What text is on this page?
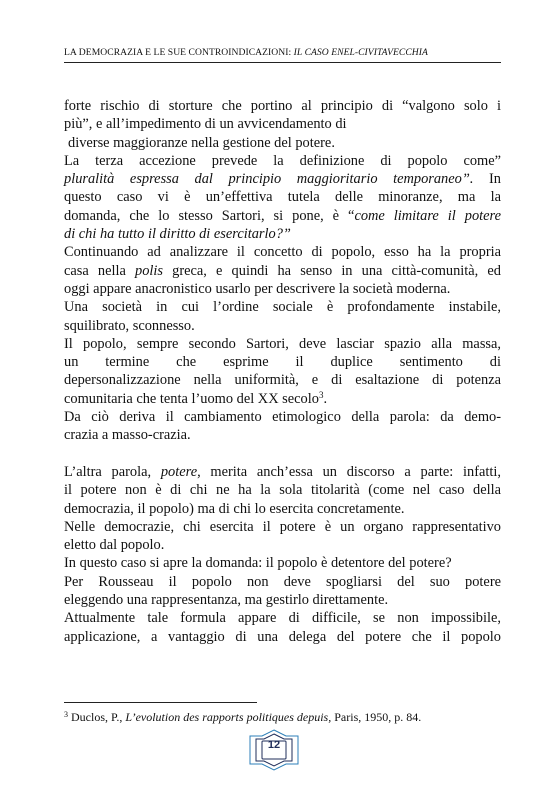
LA DEMOCRAZIA E LE SUE CONTROINDICAZIONI: IL CASO ENEL-CIVITAVECCHIA

forte rischio di storture che portino al principio di “valgono solo i

più”, e all’impedimento di un avvicendamento di

diverse maggioranze nella gestione del potere.

La terza accezione prevede la definizione di popolo come”

pluralità espressa dal principio maggioritario temporaneo”. In

questo caso vi è un’effettiva tutela delle minoranze, ma la

domanda, che lo stesso Sartori, si pone, è “come limitare il potere

di chi ha tutto il diritto di esercitarlo?”

Continuando ad analizzare il concetto di popolo, esso ha la propria

casa nella polis greca, e quindi ha senso in una città-comunità, ed

oggi appare anacronistico usarlo per descrivere la società moderna.

Una società in cui l’ordine sociale è profondamente instabile,

squilibrato, sconnesso.

Il popolo, sempre secondo Sartori, deve lasciar spazio alla massa,

un termine che esprime il duplice sentimento di

depersonalizzazione nella uniformità, e di esaltazione di potenza

comunitaria che tenta l’uomo del XX secolo$^3$.

Da ciò deriva il cambiamento etimologico della parola: da demo-

crazia a masso-crazia.

L’altra parola, potere, merita anch’essa un discorso a parte: infatti,

il potere non è di chi ne ha la sola titolarità (come nel caso della

democrazia, il popolo) ma di chi lo esercita concretamente.

Nelle democrazie, chi esercita il potere è un organo rappresentativo

eletto dal popolo.

In questo caso si apre la domanda: il popolo è detentore del potere?

Per Rousseau il popolo non deve spogliarsi del suo potere

eleggendo una rappresentanza, ma gestirlo direttamente.

Attualmente tale formula appare di difficile, se non impossibile,

applicazione, a vantaggio di una delega del potere che il popolo

$^3$ Duclos, P., L’evolution des rapports politiques depuis, Paris, 1950, p. 84.
12
